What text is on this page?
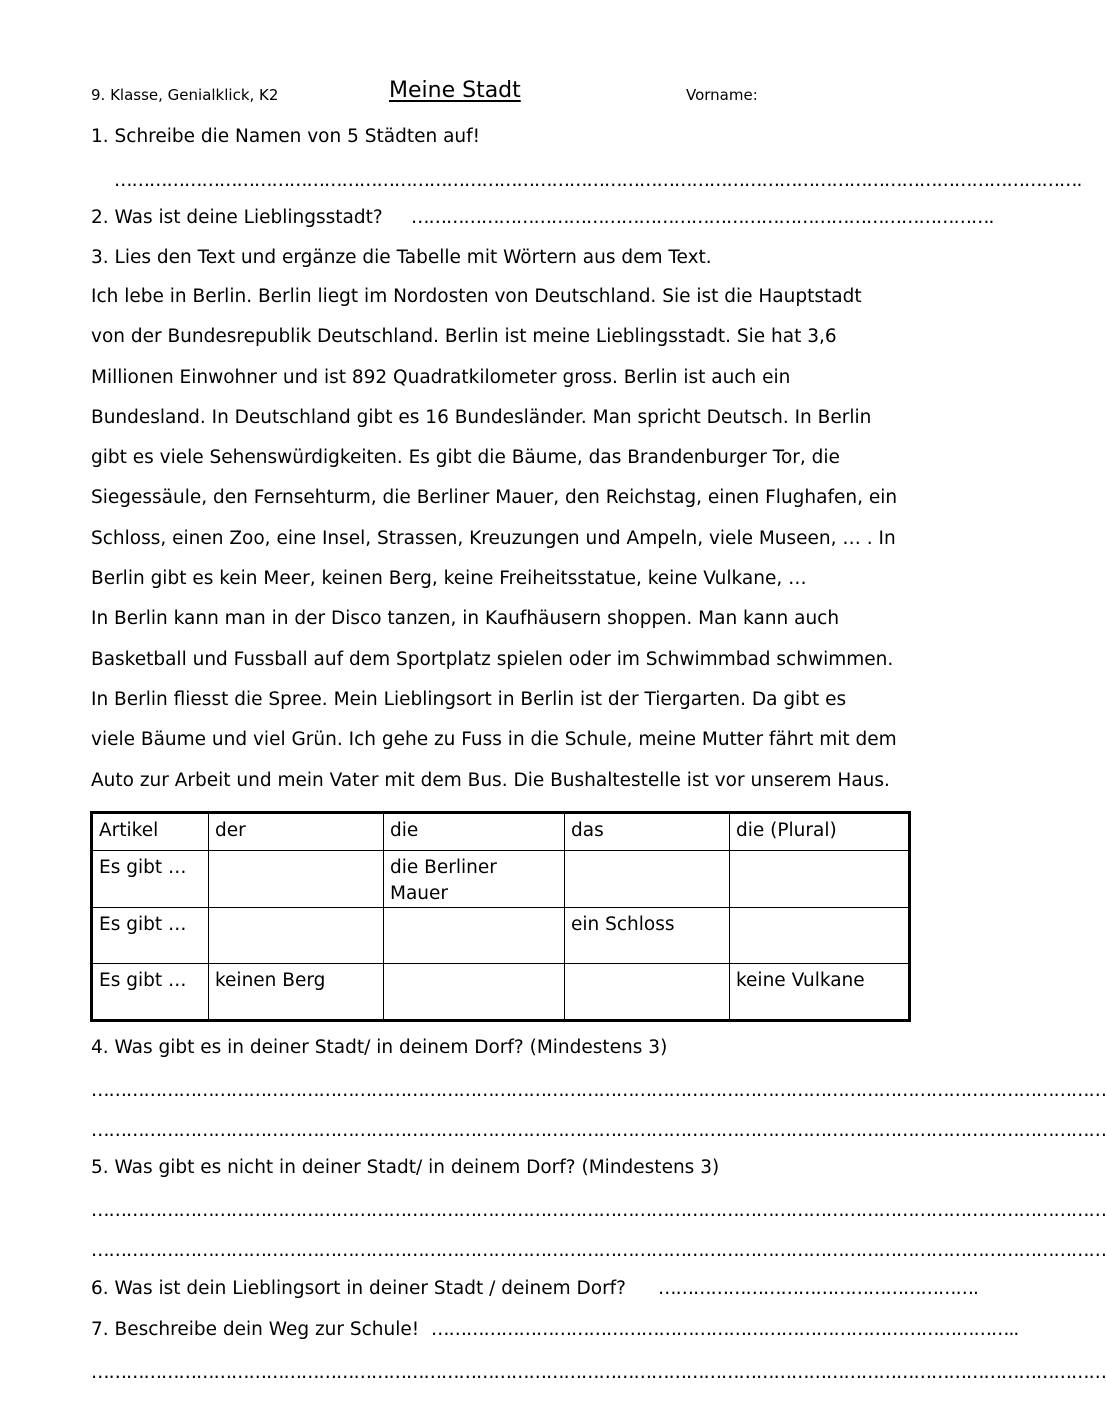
9. Klasse, Genialklick, K2	Meine Stadt	Vorname:
1. Schreibe die Namen von 5 Städten auf!
………………………………………………………………………………………………………………………………………………….
2. Was ist deine Lieblingsstadt? ……………………………………………………………………………………….
3. Lies den Text und ergänze die Tabelle mit Wörtern aus dem Text.
Ich lebe in Berlin. Berlin liegt im Nordosten von Deutschland. Sie ist die Hauptstadt
von der Bundesrepublik Deutschland. Berlin ist meine Lieblingsstadt. Sie hat 3,6
Millionen Einwohner und ist 892 Quadratkilometer gross. Berlin ist auch ein
Bundesland. In Deutschland gibt es 16 Bundesländer. Man spricht Deutsch. In Berlin
gibt es viele Sehenswürdigkeiten. Es gibt die Bäume, das Brandenburger Tor, die
Siegessäule, den Fernsehturm, die Berliner Mauer, den Reichstag, einen Flughafen, ein
Schloss, einen Zoo, eine Insel, Strassen, Kreuzungen und Ampeln, viele Museen, … . In
Berlin gibt es kein Meer, keinen Berg, keine Freiheitsstatue, keine Vulkane, …
In Berlin kann man in der Disco tanzen, in Kaufhäusern shoppen. Man kann auch
Basketball und Fussball auf dem Sportplatz spielen oder im Schwimmbad schwimmen.
In Berlin fliesst die Spree. Mein Lieblingsort in Berlin ist der Tiergarten. Da gibt es
viele Bäume und viel Grün. Ich gehe zu Fuss in die Schule, meine Mutter fährt mit dem
Auto zur Arbeit und mein Vater mit dem Bus. Die Bushaltestelle ist vor unserem Haus.
Artikel	der	die	das	die (Plural)
Es gibt …		die Berliner Mauer		
Es gibt …			ein Schloss	
Es gibt …	keinen Berg			keine Vulkane
4. Was gibt es in deiner Stadt/ in deinem Dorf? (Mindestens 3)
…………………………………………………………………………………………………………………………………………………………
…………………………………………………………………………………………………………………………………………………………
5. Was gibt es nicht in deiner Stadt/ in deinem Dorf? (Mindestens 3)
…………………………………………………………………………………………………………………………………………………………
…………………………………………………………………………………………………………………………………………………………
6. Was ist dein Lieblingsort in deiner Stadt / deinem Dorf? ……………………………………………….
7. Beschreibe dein Weg zur Schule! ………………………………………………………………………………………..
…………………………………………………………………………………………………………………………………………………………
